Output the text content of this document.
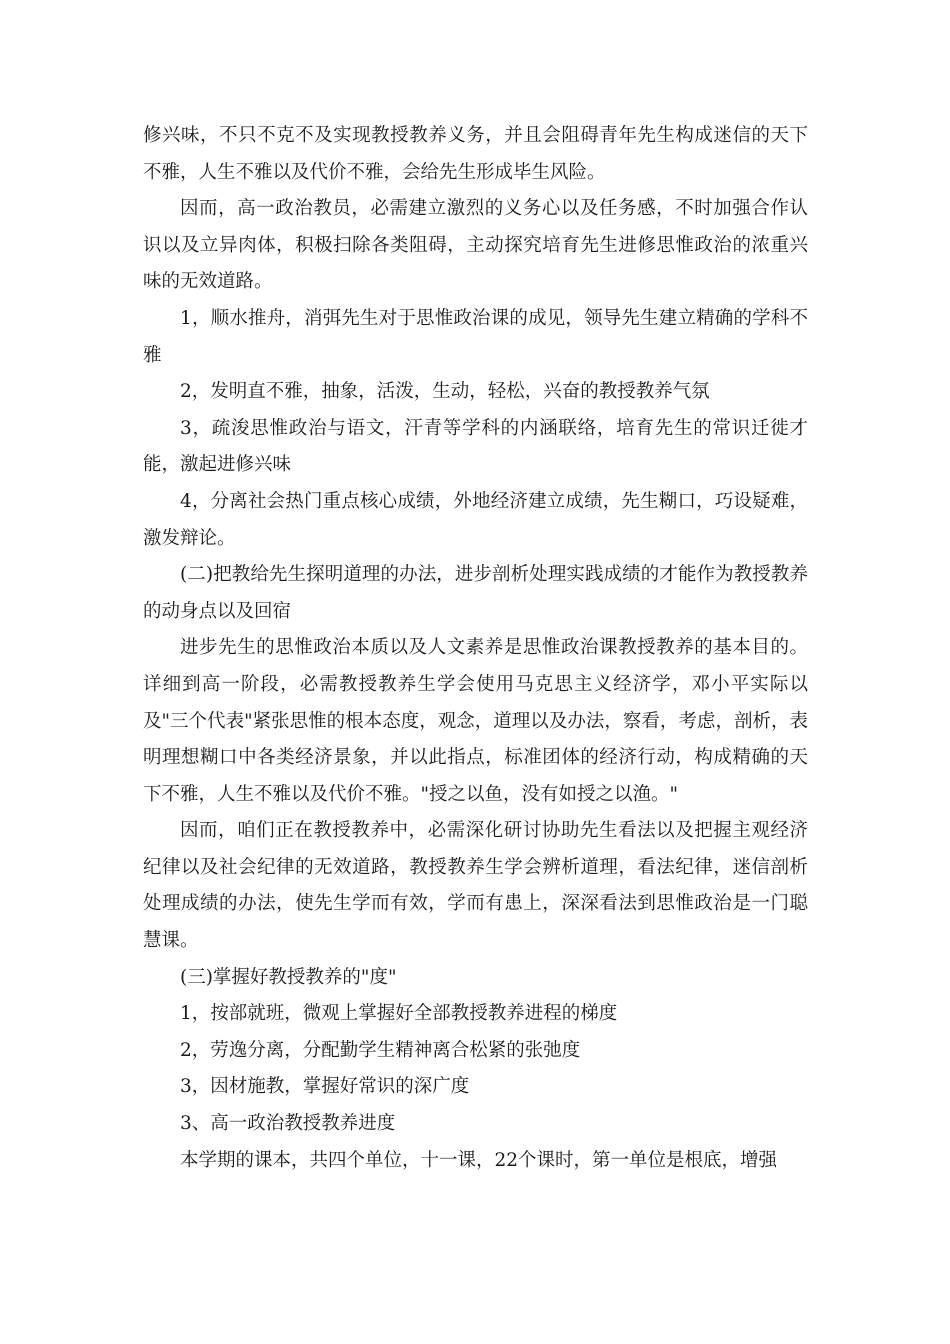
修兴味，不只不克不及实现教授教养义务，并且会阻碍青年先生构成迷信的天下不雅，人生不雅以及代价不雅，会给先生形成毕生风险。

因而，高一政治教员，必需建立激烈的义务心以及任务感，不时加强合作认识以及立异肉体，积极扫除各类阻碍，主动探究培育先生进修思惟政治的浓重兴味的无效道路。

1，顺水推舟，消弭先生对于思惟政治课的成见，领导先生建立精确的学科不雅

2，发明直不雅，抽象，活泼，生动，轻松，兴奋的教授教养气氛

3，疏浚思惟政治与语文，汗青等学科的内涵联络，培育先生的常识迁徙才能，激起进修兴味

4，分离社会热门重点核心成绩，外地经济建立成绩，先生糊口，巧设疑难，激发辩论。

(二)把教给先生探明道理的办法，进步剖析处理实践成绩的才能作为教授教养的动身点以及回宿

进步先生的思惟政治本质以及人文素养是思惟政治课教授教养的基本目的。详细到高一阶段，必需教授教养生学会使用马克思主义经济学，邓小平实际以及"三个代表"紧张思惟的根本态度，观念，道理以及办法，察看，考虑，剖析，表明理想糊口中各类经济景象，并以此指点，标准团体的经济行动，构成精确的天下不雅，人生不雅以及代价不雅。"授之以鱼，没有如授之以渔。"

因而，咱们正在教授教养中，必需深化研讨协助先生看法以及把握主观经济纪律以及社会纪律的无效道路，教授教养生学会辨析道理，看法纪律，迷信剖析处理成绩的办法，使先生学而有效，学而有患上，深深看法到思惟政治是一门聪慧课。

(三)掌握好教授教养的"度"

1，按部就班，微观上掌握好全部教授教养进程的梯度

2，劳逸分离，分配勤学生精神离合松紧的张弛度

3，因材施教，掌握好常识的深广度

3、高一政治教授教养进度

本学期的课本，共四个单位，十一课，22个课时，第一单位是根底，增强
